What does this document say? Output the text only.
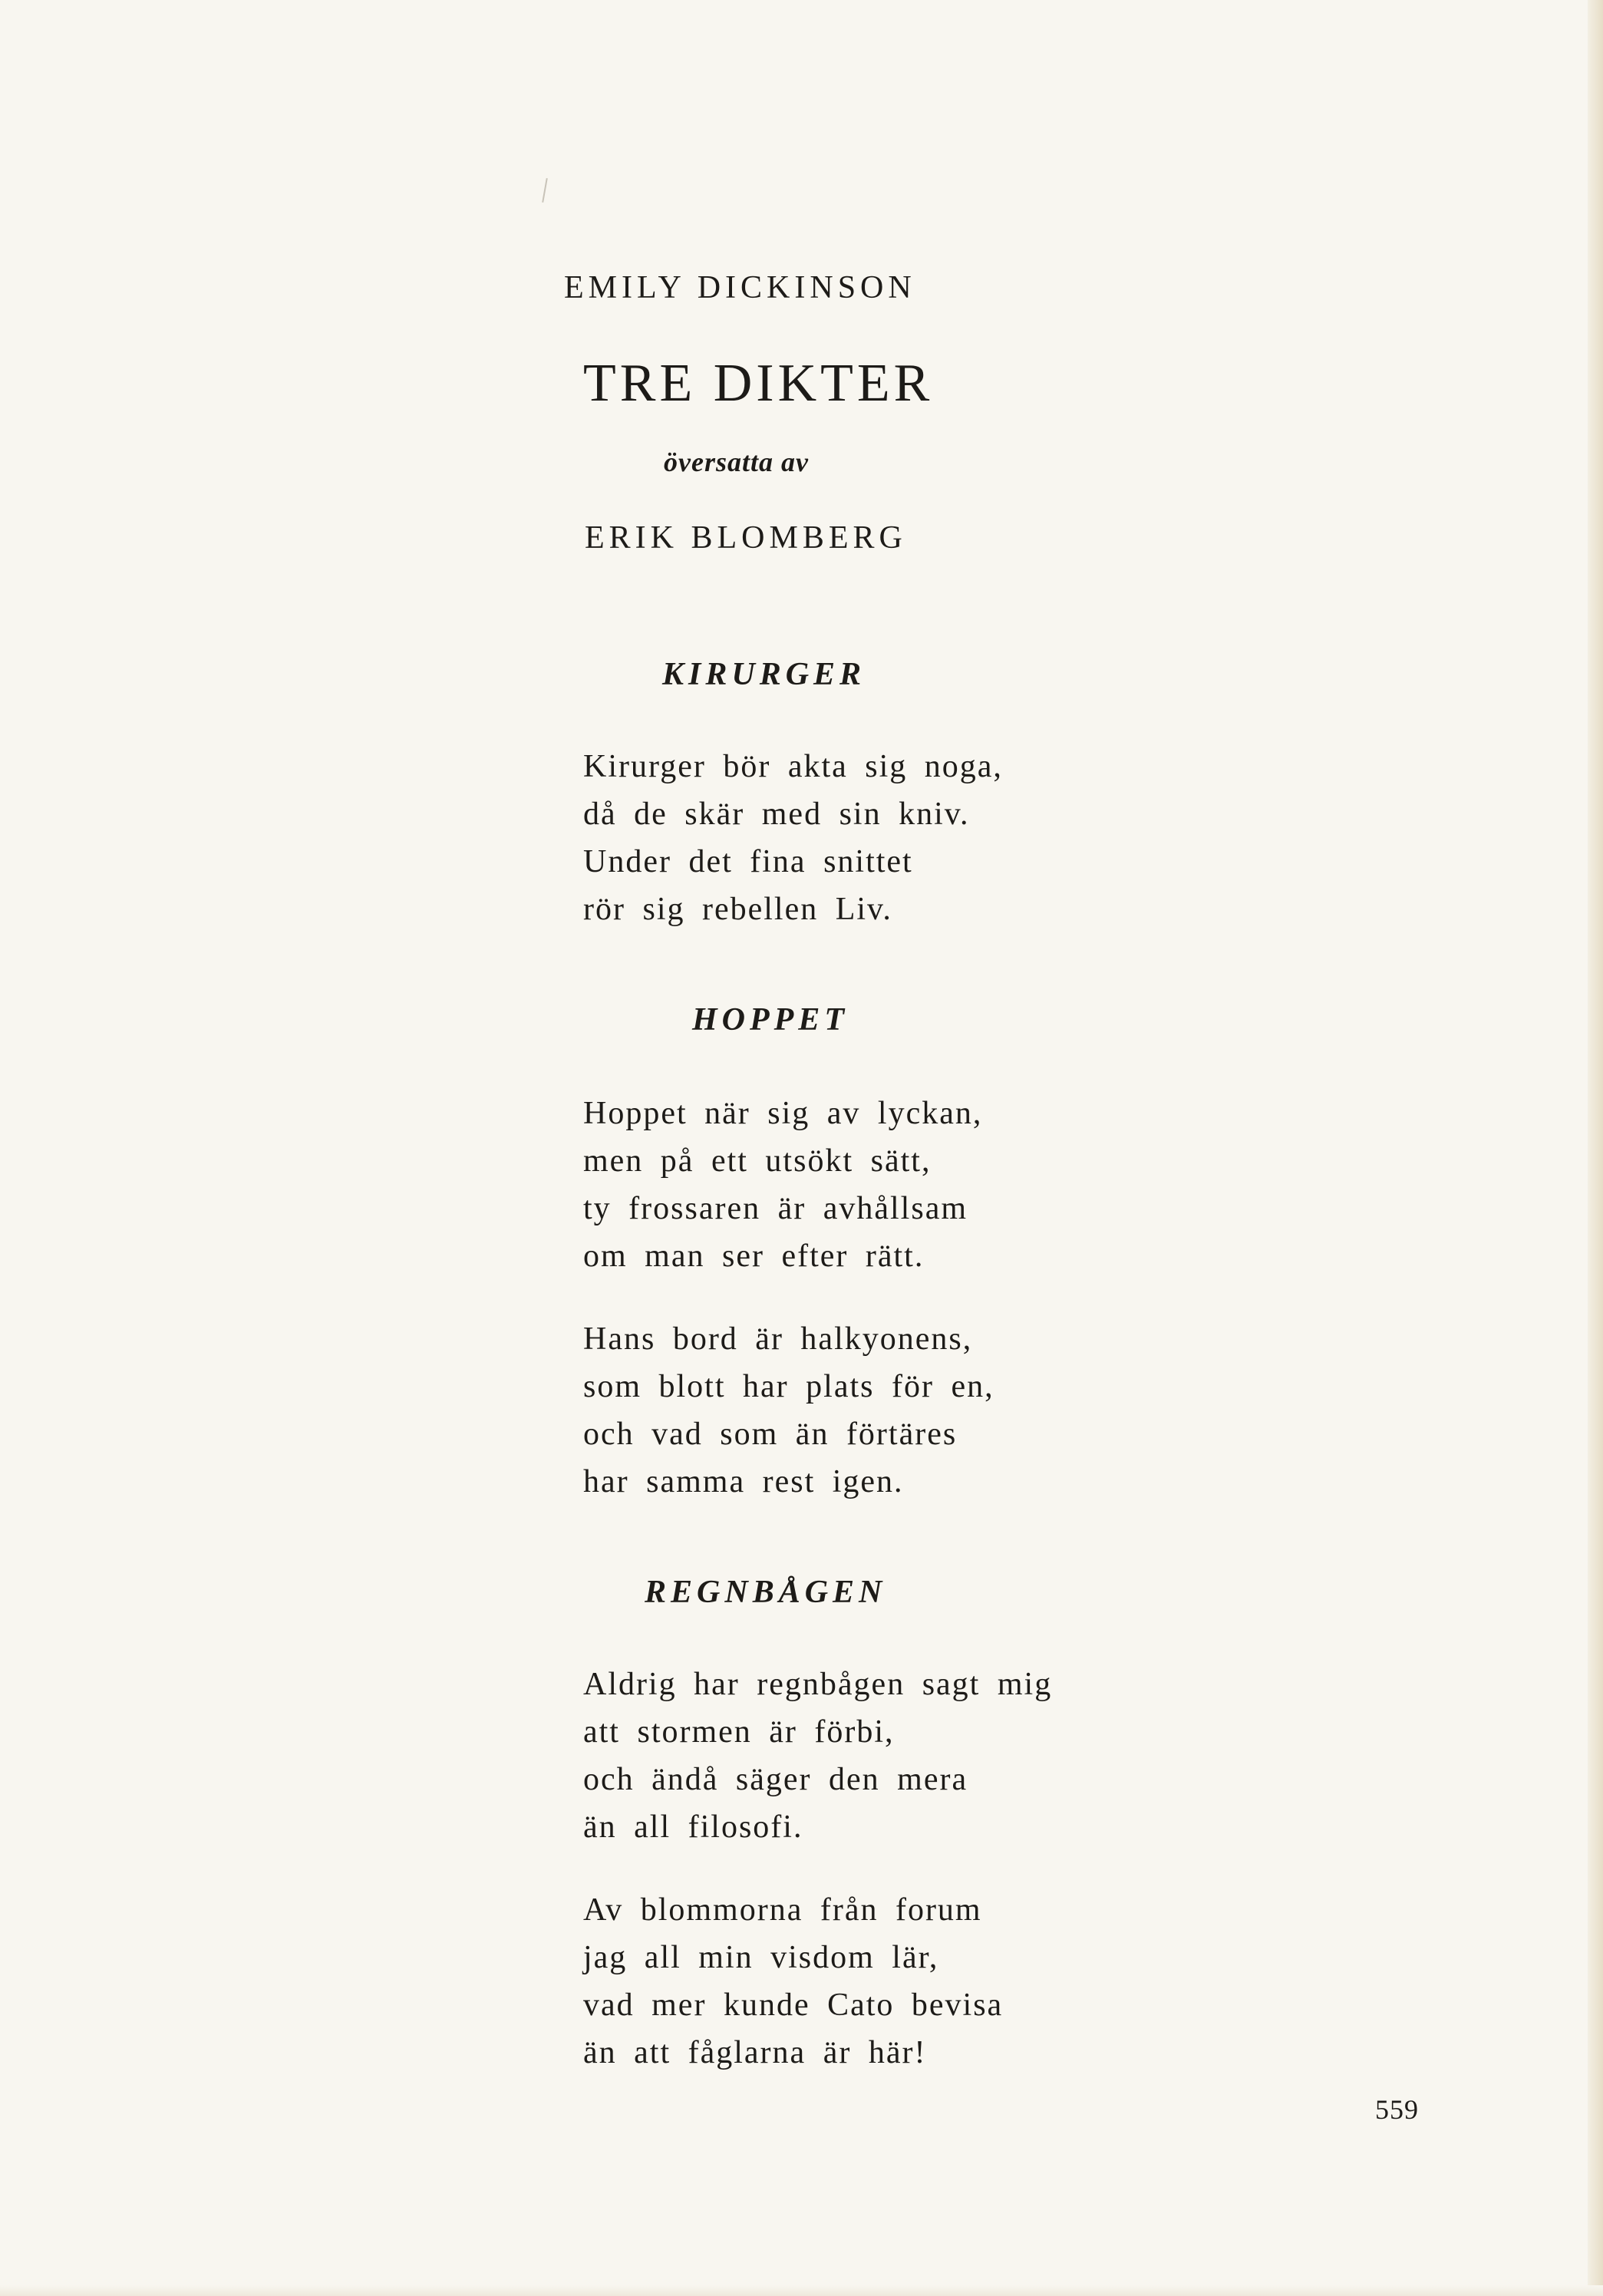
EMILY DICKINSON

TRE DIKTER

översatta av

ERIK BLOMBERG

KIRURGER
Kirurger bör akta sig noga,
då de skär med sin kniv.
Under det fina snittet
rör sig rebellen Liv.
HOPPET
Hoppet när sig av lyckan,
men på ett utsökt sätt,
ty frossaren är avhållsam
om man ser efter rätt.
Hans bord är halkyonens,
som blott har plats för en,
och vad som än förtäres
har samma rest igen.
REGNBÅGEN
Aldrig har regnbågen sagt mig
att stormen är förbi,
och ändå säger den mera
än all filosofi.
Av blommorna från forum
jag all min visdom lär,
vad mer kunde Cato bevisa
än att fåglarna är här!

559
